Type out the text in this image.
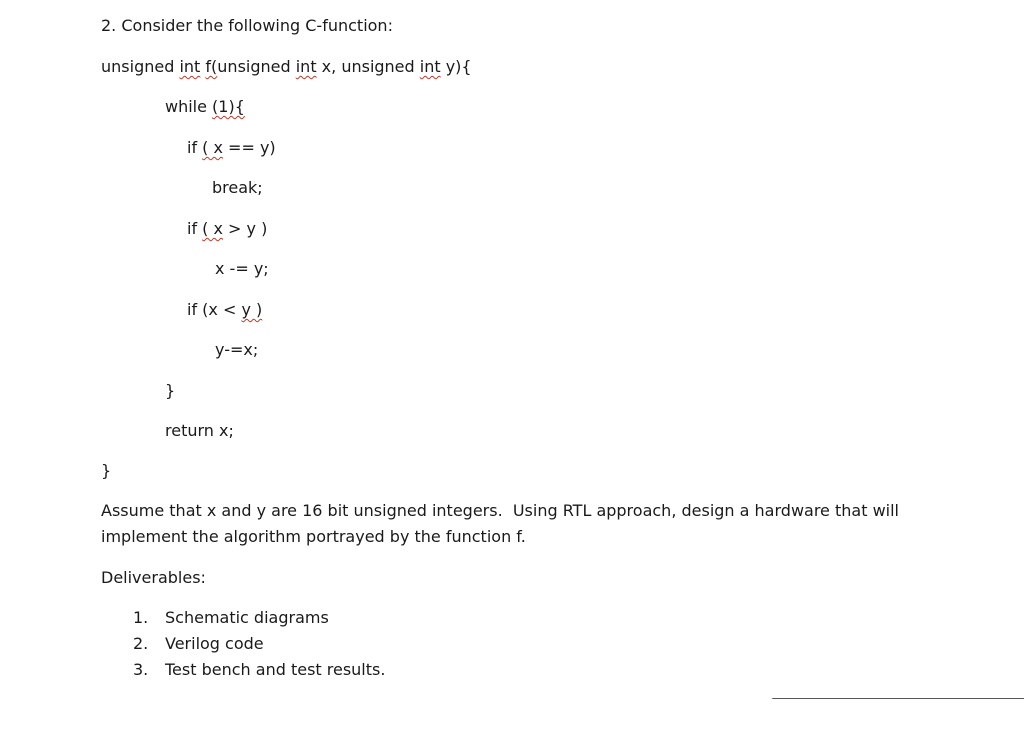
2. Consider the following C-function:
unsigned int f(unsigned int x, unsigned int y){
while (1){
if ( x == y)
break;
if ( x > y )
x -= y;
if (x < y )
y-=x;
}
return x;
}
Assume that x and y are 16 bit unsigned integers.  Using RTL approach, design a hardware that will
implement the algorithm portrayed by the function f.
Deliverables:

1.

Schematic diagrams

2.

Verilog code

3.

Test bench and test results.
